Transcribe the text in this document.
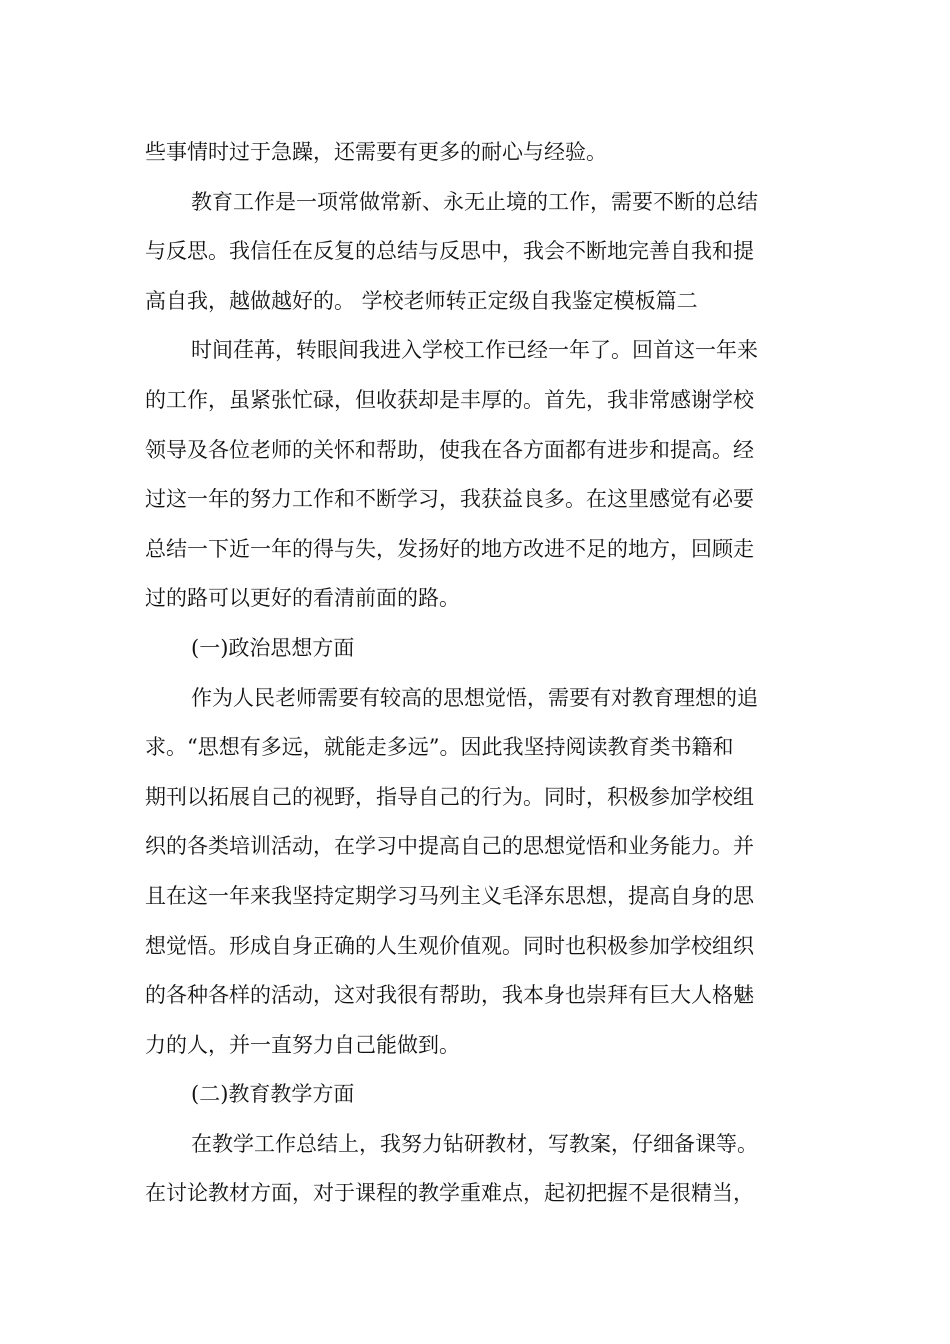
些事情时过于急躁，还需要有更多的耐心与经验。
教育工作是一项常做常新、永无止境的工作，需要不断的总结
与反思。我信任在反复的总结与反思中，我会不断地完善自我和提
高自我，越做越好的。 学校老师转正定级自我鉴定模板篇二
时间荏苒，转眼间我进入学校工作已经一年了。回首这一年来
的工作，虽紧张忙碌，但收获却是丰厚的。首先，我非常感谢学校
领导及各位老师的关怀和帮助，使我在各方面都有进步和提高。经
过这一年的努力工作和不断学习，我获益良多。在这里感觉有必要
总结一下近一年的得与失，发扬好的地方改进不足的地方，回顾走
过的路可以更好的看清前面的路。
(一)政治思想方面
作为人民老师需要有较高的思想觉悟，需要有对教育理想的追
求。“思想有多远，就能走多远”。因此我坚持阅读教育类书籍和
期刊以拓展自己的视野，指导自己的行为。同时，积极参加学校组
织的各类培训活动，在学习中提高自己的思想觉悟和业务能力。并
且在这一年来我坚持定期学习马列主义毛泽东思想，提高自身的思
想觉悟。形成自身正确的人生观价值观。同时也积极参加学校组织
的各种各样的活动，这对我很有帮助，我本身也崇拜有巨大人格魅
力的人，并一直努力自己能做到。
(二)教育教学方面
在教学工作总结上，我努力钻研教材，写教案，仔细备课等。
在讨论教材方面，对于课程的教学重难点，起初把握不是很精当，
